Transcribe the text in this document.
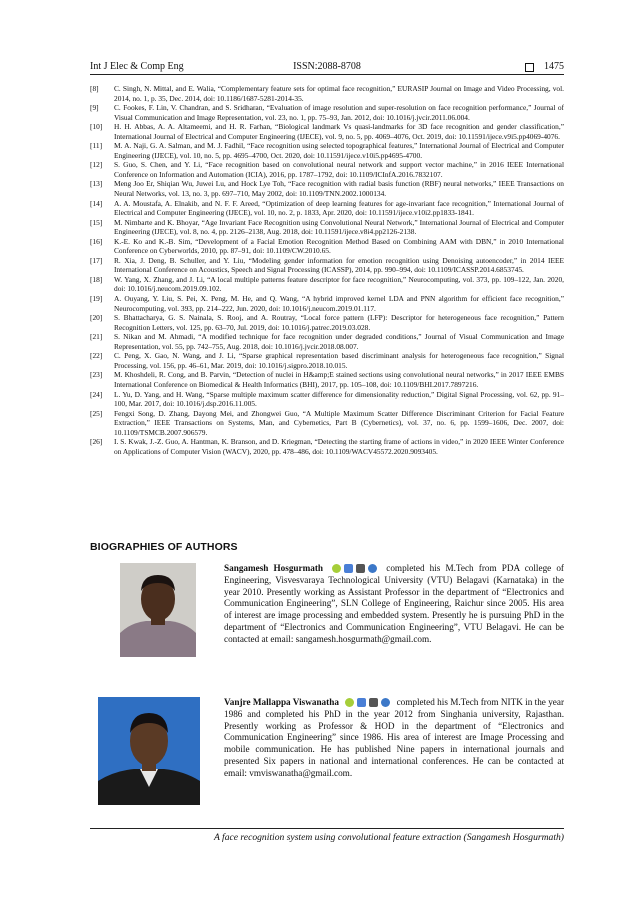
Int J Elec & Comp Eng	ISSN:2088-8708	1475
[8]	C. Singh, N. Mittal, and E. Walia, “Complementary feature sets for optimal face recognition,” EURASIP Journal on Image and Video Processing, vol. 2014, no. 1, p. 35, Dec. 2014, doi: 10.1186/1687-5281-2014-35.
[9]	C. Fookes, F. Lin, V. Chandran, and S. Sridharan, “Evaluation of image resolution and super-resolution on face recognition performance,” Journal of Visual Communication and Image Representation, vol. 23, no. 1, pp. 75–93, Jan. 2012, doi: 10.1016/j.jvcir.2011.06.004.
[10]	H. H. Abbas, A. A. Altameemi, and H. R. Farhan, “Biological landmark Vs quasi-landmarks for 3D face recognition and gender classification,” International Journal of Electrical and Computer Engineering (IJECE), vol. 9, no. 5, pp. 4069–4076, Oct. 2019, doi: 10.11591/ijece.v9i5.pp4069-4076.
[11]	M. A. Naji, G. A. Salman, and M. J. Fadhil, “Face recognition using selected topographical features,” International Journal of Electrical and Computer Engineering (IJECE), vol. 10, no. 5, pp. 4695–4700, Oct. 2020, doi: 10.11591/ijece.v10i5.pp4695-4700.
[12]	S. Guo, S. Chen, and Y. Li, “Face recognition based on convolutional neural network and support vector machine,” in 2016 IEEE International Conference on Information and Automation (ICIA), 2016, pp. 1787–1792, doi: 10.1109/ICInfA.2016.7832107.
[13]	Meng Joo Er, Shiqian Wu, Juwei Lu, and Hock Lye Toh, “Face recognition with radial basis function (RBF) neural networks,” IEEE Transactions on Neural Networks, vol. 13, no. 3, pp. 697–710, May 2002, doi: 10.1109/TNN.2002.1000134.
[14]	A. A. Moustafa, A. Elnakib, and N. F. F. Areed, “Optimization of deep learning features for age-invariant face recognition,” International Journal of Electrical and Computer Engineering (IJECE), vol. 10, no. 2, p. 1833, Apr. 2020, doi: 10.11591/ijece.v10i2.pp1833-1841.
[15]	M. Nimbarte and K. Bhoyar, “Age Invariant Face Recognition using Convolutional Neural Network,” International Journal of Electrical and Computer Engineering (IJECE), vol. 8, no. 4, pp. 2126–2138, Aug. 2018, doi: 10.11591/ijece.v8i4.pp2126-2138.
[16]	K.-E. Ko and K.-B. Sim, “Development of a Facial Emotion Recognition Method Based on Combining AAM with DBN,” in 2010 International Conference on Cyberworlds, 2010, pp. 87–91, doi: 10.1109/CW.2010.65.
[17]	R. Xia, J. Deng, B. Schuller, and Y. Liu, “Modeling gender information for emotion recognition using Denoising autoencoder,” in 2014 IEEE International Conference on Acoustics, Speech and Signal Processing (ICASSP), 2014, pp. 990–994, doi: 10.1109/ICASSP.2014.6853745.
[18]	W. Yang, X. Zhang, and J. Li, “A local multiple patterns feature descriptor for face recognition,” Neurocomputing, vol. 373, pp. 109–122, Jan. 2020, doi: 10.1016/j.neucom.2019.09.102.
[19]	A. Ouyang, Y. Liu, S. Pei, X. Peng, M. He, and Q. Wang, “A hybrid improved kernel LDA and PNN algorithm for efficient face recognition,” Neurocomputing, vol. 393, pp. 214–222, Jun. 2020, doi: 10.1016/j.neucom.2019.01.117.
[20]	S. Bhattacharya, G. S. Nainala, S. Rooj, and A. Routray, “Local force pattern (LFP): Descriptor for heterogeneous face recognition,” Pattern Recognition Letters, vol. 125, pp. 63–70, Jul. 2019, doi: 10.1016/j.patrec.2019.03.028.
[21]	S. Nikan and M. Ahmadi, “A modified technique for face recognition under degraded conditions,” Journal of Visual Communication and Image Representation, vol. 55, pp. 742–755, Aug. 2018, doi: 10.1016/j.jvcir.2018.08.007.
[22]	C. Peng, X. Gao, N. Wang, and J. Li, “Sparse graphical representation based discriminant analysis for heterogeneous face recognition,” Signal Processing, vol. 156, pp. 46–61, Mar. 2019, doi: 10.1016/j.sigpro.2018.10.015.
[23]	M. Khoshdeli, R. Cong, and B. Parvin, “Detection of nuclei in H&amp;E stained sections using convolutional neural networks,” in 2017 IEEE EMBS International Conference on Biomedical & Health Informatics (BHI), 2017, pp. 105–108, doi: 10.1109/BHI.2017.7897216.
[24]	L. Yu, D. Yang, and H. Wang, “Sparse multiple maximum scatter difference for dimensionality reduction,” Digital Signal Processing, vol. 62, pp. 91–100, Mar. 2017, doi: 10.1016/j.dsp.2016.11.005.
[25]	Fengxi Song, D. Zhang, Dayong Mei, and Zhongwei Guo, “A Multiple Maximum Scatter Difference Discriminant Criterion for Facial Feature Extraction,” IEEE Transactions on Systems, Man, and Cybernetics, Part B (Cybernetics), vol. 37, no. 6, pp. 1599–1606, Dec. 2007, doi: 10.1109/TSMCB.2007.906579.
[26]	I. S. Kwak, J.-Z. Guo, A. Hantman, K. Branson, and D. Kriegman, “Detecting the starting frame of actions in video,” in 2020 IEEE Winter Conference on Applications of Computer Vision (WACV), 2020, pp. 478–486, doi: 10.1109/WACV45572.2020.9093405.
BIOGRAPHIES OF AUTHORS
Sangamesh Hosgurmath	completed his M.Tech from PDA college of Engineering, Visvesvaraya Technological University (VTU) Belagavi (Karnataka) in the year 2010. Presently working as Assistant Professor in the department of “Electronics and Communication Engineering”, SLN College of Engineering, Raichur since 2005. His area of interest are image processing and embedded system. Presently he is pursuing PhD in the department of “Electronics and Communication Engineering”, VTU Belagavi. He can be contacted at email: sangamesh.hosgurmath@gmail.com.
Vanjre Mallappa Viswanatha	completed his M.Tech from NITK in the year 1986 and completed his PhD in the year 2012 from Singhania university, Rajasthan. Presently working as Professor & HOD in the department of “Electronics and Communication Engineering” since 1986. His area of interest are Image Processing and mobile communication. He has published Nine papers in international journals and presented Six papers in national and international conferences. He can be contacted at email: vmviswanatha@gmail.com.
A face recognition system using convolutional feature extraction (Sangamesh Hosgurmath)
